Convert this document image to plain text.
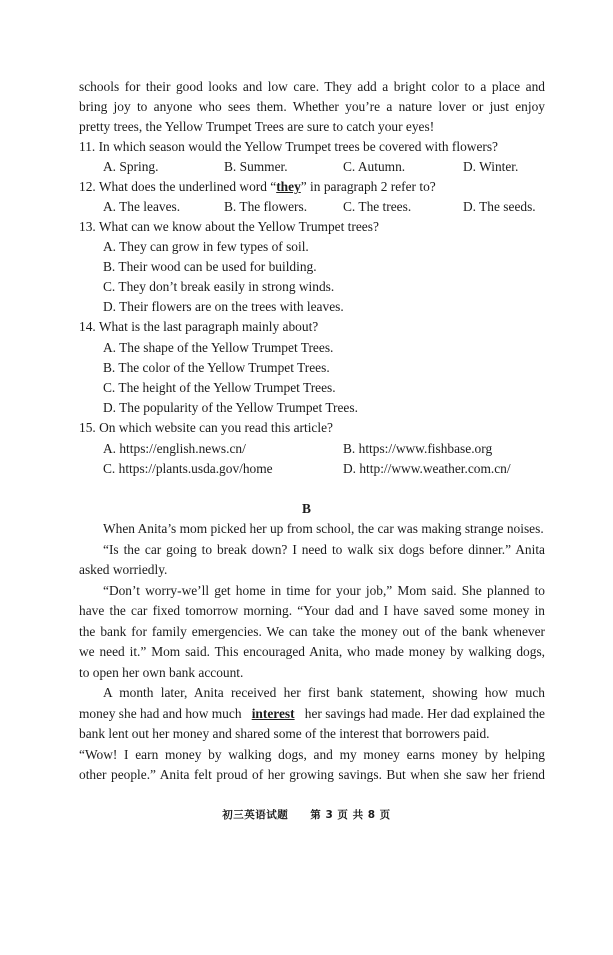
schools for their good looks and low care. They add a bright color to a place and
bring joy to anyone who sees them. Whether you’re a nature lover or just enjoy
pretty trees, the Yellow Trumpet Trees are sure to catch your eyes!
11. In which season would the Yellow Trumpet trees be covered with flowers?
A. Spring.	B. Summer.	C. Autumn.	D. Winter.
12. What does the underlined word “they” in paragraph 2 refer to?
A. The leaves.	B. The flowers.	C. The trees.	D. The seeds.
13. What can we know about the Yellow Trumpet trees?
A. They can grow in few types of soil.
B. Their wood can be used for building.
C. They don’t break easily in strong winds.
D. Their flowers are on the trees with leaves.
14. What is the last paragraph mainly about?
A. The shape of the Yellow Trumpet Trees.
B. The color of the Yellow Trumpet Trees.
C. The height of the Yellow Trumpet Trees.
D. The popularity of the Yellow Trumpet Trees.
15. On which website can you read this article?
A. https://english.news.cn/	B. https://www.fishbase.org
C. https://plants.usda.gov/home	D. http://www.weather.com.cn/
B
When Anita’s mom picked her up from school, the car was making strange noises.
“Is the car going to break down? I need to walk six dogs before dinner.” Anita
asked worriedly.
“Don’t worry-we’ll get home in time for your job,” Mom said. She planned to
have the car fixed tomorrow morning. “Your dad and I have saved some money in
the bank for family emergencies. We can take the money out of the bank whenever
we need it.” Mom said. This encouraged Anita, who made money by walking dogs,
to open her own bank account.
A month later, Anita received her first bank statement, showing how much
money she had and how much interest her savings had made. Her dad explained the
bank lent out her money and shared some of the interest that borrowers paid.
“Wow! I earn money by walking dogs, and my money earns money by helping
other people.” Anita felt proud of her growing savings. But when she saw her friend
初三英语试题　　第 3 页 共 8 页
